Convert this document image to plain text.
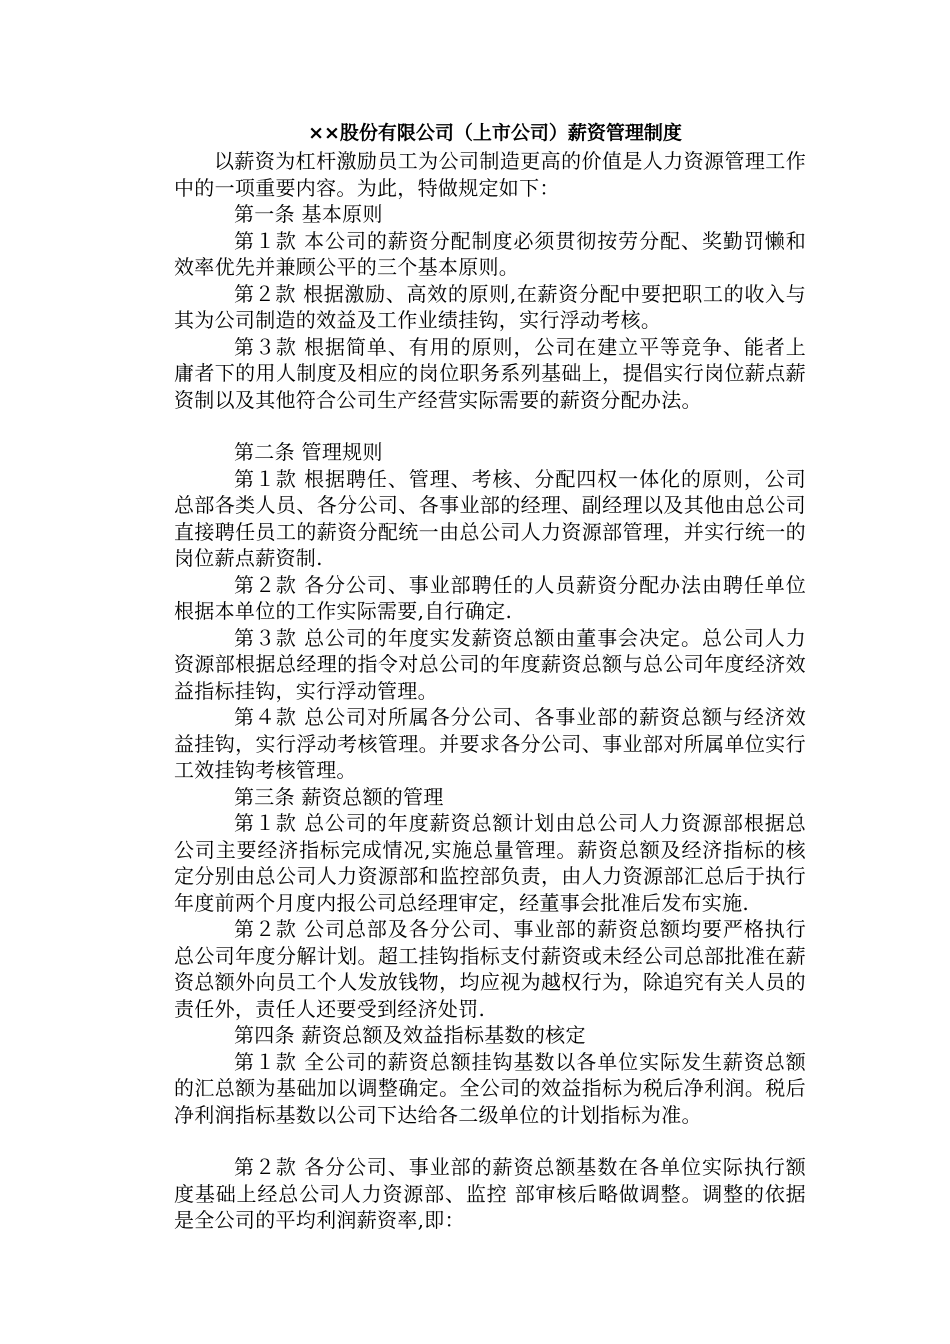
××股份有限公司（上市公司）薪资管理制度

以薪资为杠杆激励员工为公司制造更高的价值是人力资源管理工作中的一项重要内容。为此，特做规定如下：

第一条 基本原则

第１款 本公司的薪资分配制度必须贯彻按劳分配、奖勤罚懒和效率优先并兼顾公平的三个基本原则。

第２款 根据激励、高效的原则,在薪资分配中要把职工的收入与其为公司制造的效益及工作业绩挂钩，实行浮动考核。

第３款 根据简单、有用的原则，公司在建立平等竞争、能者上庸者下的用人制度及相应的岗位职务系列基础上，提倡实行岗位薪点薪资制以及其他符合公司生产经营实际需要的薪资分配办法。

第二条 管理规则

第１款 根据聘任、管理、考核、分配四权一体化的原则，公司总部各类人员、各分公司、各事业部的经理、副经理以及其他由总公司直接聘任员工的薪资分配统一由总公司人力资源部管理，并实行统一的岗位薪点薪资制.

第２款 各分公司、事业部聘任的人员薪资分配办法由聘任单位根据本单位的工作实际需要,自行确定.

第３款 总公司的年度实发薪资总额由董事会决定。总公司人力资源部根据总经理的指令对总公司的年度薪资总额与总公司年度经济效益指标挂钩，实行浮动管理。

第４款 总公司对所属各分公司、各事业部的薪资总额与经济效益挂钩，实行浮动考核管理。并要求各分公司、事业部对所属单位实行工效挂钩考核管理。

第三条 薪资总额的管理

第１款 总公司的年度薪资总额计划由总公司人力资源部根据总公司主要经济指标完成情况,实施总量管理。薪资总额及经济指标的核定分别由总公司人力资源部和监控部负责，由人力资源部汇总后于执行年度前两个月度内报公司总经理审定，经董事会批准后发布实施.

第２款 公司总部及各分公司、事业部的薪资总额均要严格执行总公司年度分解计划。超工挂钩指标支付薪资或未经公司总部批准在薪资总额外向员工个人发放钱物，均应视为越权行为，除追究有关人员的责任外，责任人还要受到经济处罚.

第四条 薪资总额及效益指标基数的核定

第１款 全公司的薪资总额挂钩基数以各单位实际发生薪资总额的汇总额为基础加以调整确定。全公司的效益指标为税后净利润。税后净利润指标基数以公司下达给各二级单位的计划指标为准。

第２款 各分公司、事业部的薪资总额基数在各单位实际执行额度基础上经总公司人力资源部、监控 部审核后略做调整。调整的依据是全公司的平均利润薪资率,即：
